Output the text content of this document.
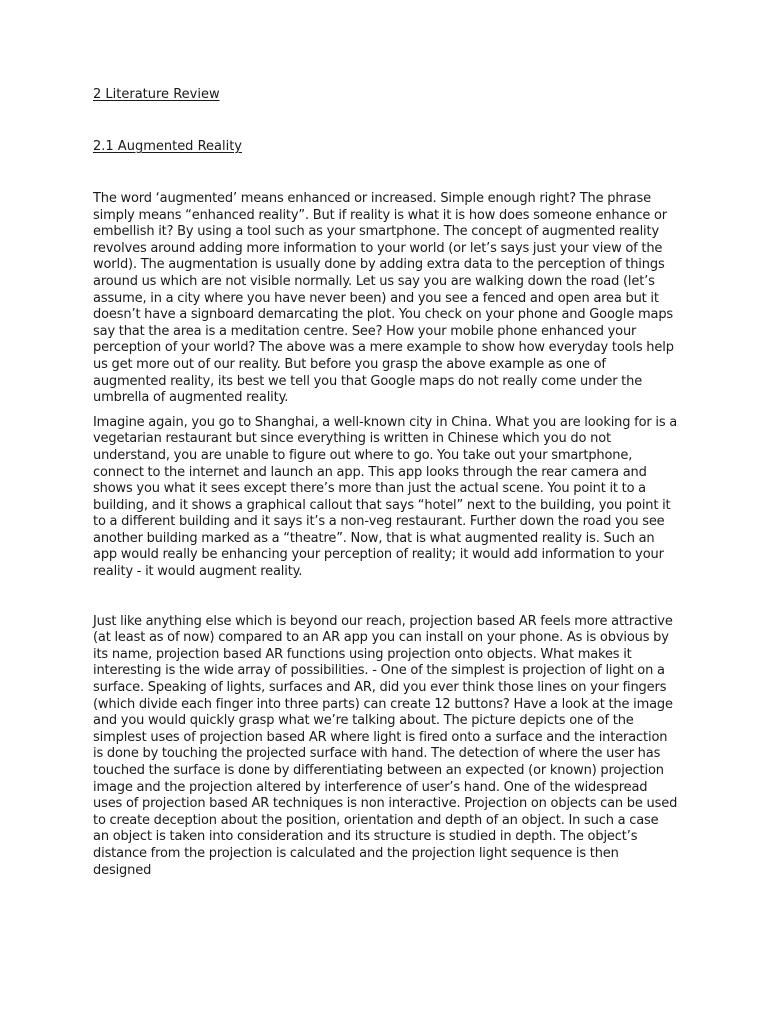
2 Literature Review

2.1 Augmented Reality

The word ‘augmented’ means enhanced or increased. Simple enough right? The phrase simply means “enhanced reality”. But if reality is what it is how does someone enhance or embellish it? By using a tool such as your smartphone. The concept of augmented reality revolves around adding more information to your world (or let’s says just your view of the world). The augmentation is usually done by adding extra data to the perception of things around us which are not visible normally. Let us say you are walking down the road (let’s assume, in a city where you have never been) and you see a fenced and open area but it doesn’t have a signboard demarcating the plot. You check on your phone and Google maps say that the area is a meditation centre. See? How your mobile phone enhanced your perception of your world? The above was a mere example to show how everyday tools help us get more out of our reality. But before you grasp the above example as one of augmented reality, its best we tell you that Google maps do not really come under the umbrella of augmented reality.

Imagine again, you go to Shanghai, a well-known city in China. What you are looking for is a vegetarian restaurant but since everything is written in Chinese which you do not understand, you are unable to figure out where to go. You take out your smartphone, connect to the internet and launch an app. This app looks through the rear camera and shows you what it sees except there’s more than just the actual scene. You point it to a building, and it shows a graphical callout that says “hotel” next to the building, you point it to a different building and it says it’s a non-veg restaurant. Further down the road you see another building marked as a “theatre”. Now, that is what augmented reality is. Such an app would really be enhancing your perception of reality; it would add information to your reality - it would augment reality.

Just like anything else which is beyond our reach, projection based AR feels more attractive (at least as of now) compared to an AR app you can install on your phone. As is obvious by its name, projection based AR functions using projection onto objects. What makes it interesting is the wide array of possibilities. - One of the simplest is projection of light on a surface. Speaking of lights, surfaces and AR, did you ever think those lines on your fingers (which divide each finger into three parts) can create 12 buttons? Have a look at the image and you would quickly grasp what we’re talking about. The picture depicts one of the simplest uses of projection based AR where light is fired onto a surface and the interaction is done by touching the projected surface with hand. The detection of where the user has touched the surface is done by differentiating between an expected (or known) projection image and the projection altered by interference of user’s hand. One of the widespread uses of projection based AR techniques is non interactive. Projection on objects can be used to create deception about the position, orientation and depth of an object. In such a case an object is taken into consideration and its structure is studied in depth. The object’s distance from the projection is calculated and the projection light sequence is then designed
